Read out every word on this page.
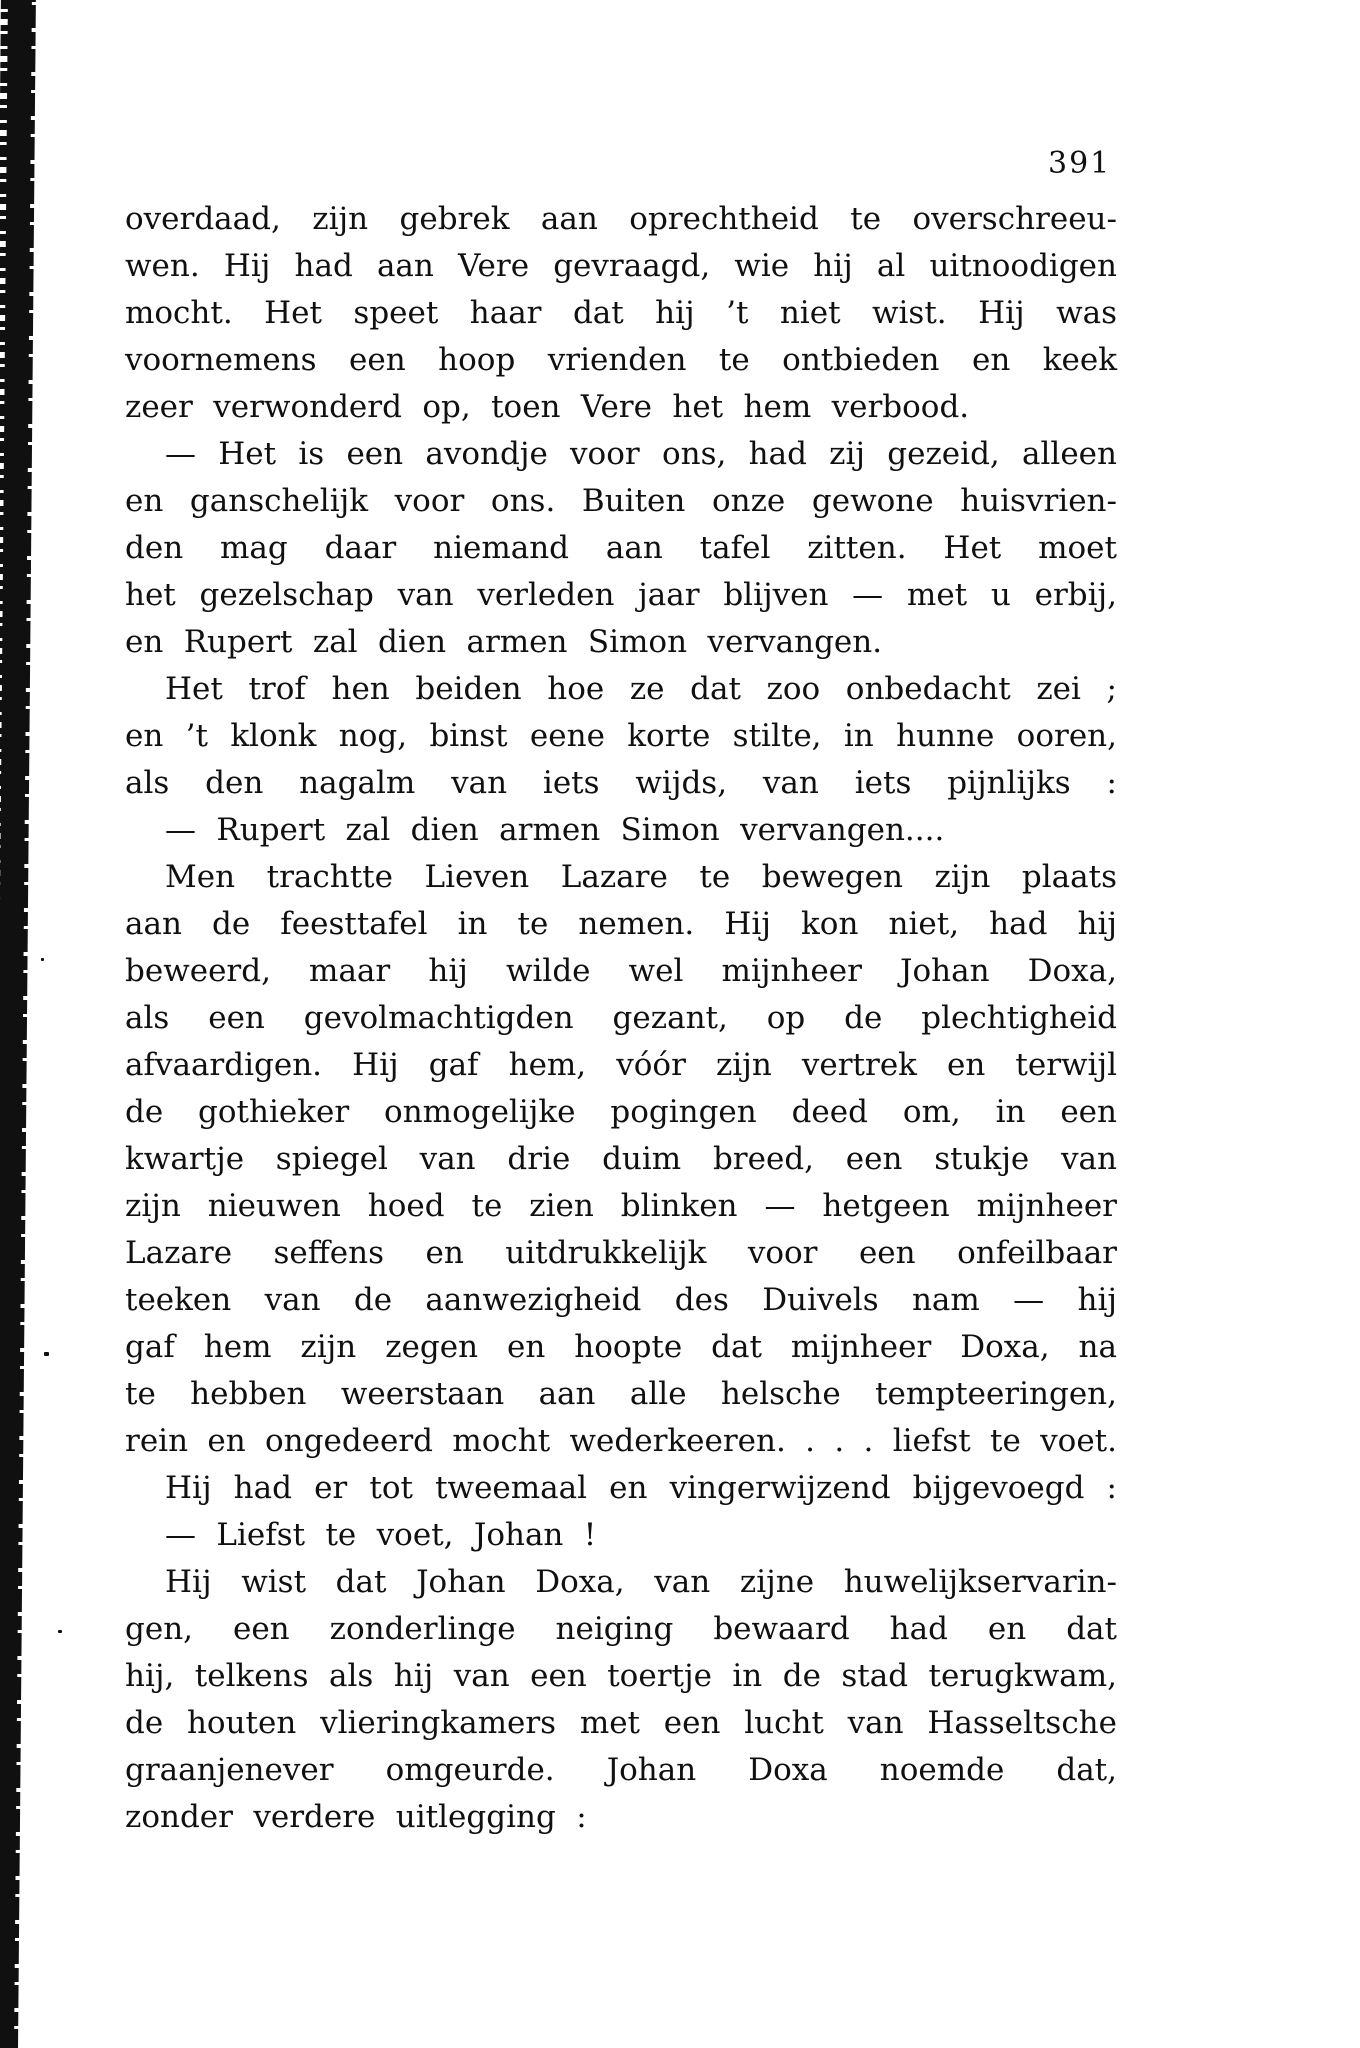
391
overdaad, zijn gebrek aan oprechtheid te overschreeu-
wen. Hij had aan Vere gevraagd, wie hij al uitnoodigen
mocht. Het speet haar dat hij ’t niet wist. Hij was
voornemens een hoop vrienden te ontbieden en keek
zeer verwonderd op, toen Vere het hem verbood.
— Het is een avondje voor ons, had zij gezeid, alleen
en ganschelijk voor ons. Buiten onze gewone huisvrien-
den mag daar niemand aan tafel zitten. Het moet
het gezelschap van verleden jaar blijven — met u erbij,
en Rupert zal dien armen Simon vervangen.
Het trof hen beiden hoe ze dat zoo onbedacht zei ;
en ’t klonk nog, binst eene korte stilte, in hunne ooren,
als den nagalm van iets wijds, van iets pijnlijks :
— Rupert zal dien armen Simon vervangen....
Men trachtte Lieven Lazare te bewegen zijn plaats
aan de feesttafel in te nemen. Hij kon niet, had hij
beweerd, maar hij wilde wel mijnheer Johan Doxa,
als een gevolmachtigden gezant, op de plechtigheid
afvaardigen. Hij gaf hem, vóór zijn vertrek en terwijl
de gothieker onmogelijke pogingen deed om, in een
kwartje spiegel van drie duim breed, een stukje van
zijn nieuwen hoed te zien blinken — hetgeen mijnheer
Lazare seffens en uitdrukkelijk voor een onfeilbaar
teeken van de aanwezigheid des Duivels nam — hij
gaf hem zijn zegen en hoopte dat mijnheer Doxa, na
te hebben weerstaan aan alle helsche tempteeringen,
rein en ongedeerd mocht wederkeeren. . . . liefst te voet.
Hij had er tot tweemaal en vingerwijzend bijgevoegd :
— Liefst te voet, Johan !
Hij wist dat Johan Doxa, van zijne huwelijkservarin-
gen, een zonderlinge neiging bewaard had en dat
hij, telkens als hij van een toertje in de stad terugkwam,
de houten vlieringkamers met een lucht van Hasseltsche
graanjenever omgeurde. Johan Doxa noemde dat,
zonder verdere uitlegging :
